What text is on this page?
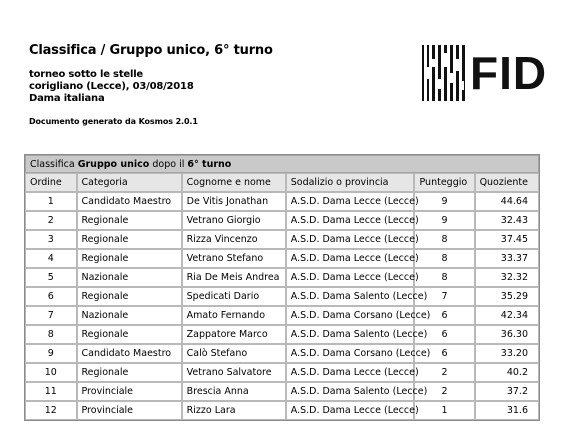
Classifica / Gruppo unico, 6° turno
torneo sotto le stelle
corigliano (Lecce), 03/08/2018
Dama italiana
Documento generato da Kosmos 2.0.1
FID
Classifica Gruppo unico dopo il 6° turno					
Ordine	Categoria	Cognome e nome	Sodalizio o provincia	Punteggio	Quoziente
1	Candidato Maestro	De Vitis Jonathan	A.S.D. Dama Lecce (Lecce)	9	44.64
2	Regionale	Vetrano Giorgio	A.S.D. Dama Lecce (Lecce)	9	32.43
3	Regionale	Rizza Vincenzo	A.S.D. Dama Lecce (Lecce)	8	37.45
4	Regionale	Vetrano Stefano	A.S.D. Dama Lecce (Lecce)	8	33.37
5	Nazionale	Ria De Meis Andrea	A.S.D. Dama Lecce (Lecce)	8	32.32
6	Regionale	Spedicati Dario	A.S.D. Dama Salento (Lecce)	7	35.29
7	Nazionale	Amato Fernando	A.S.D. Dama Corsano (Lecce)	6	42.34
8	Regionale	Zappatore Marco	A.S.D. Dama Salento (Lecce)	6	36.30
9	Candidato Maestro	Calò Stefano	A.S.D. Dama Corsano (Lecce)	6	33.20
10	Regionale	Vetrano Salvatore	A.S.D. Dama Lecce (Lecce)	2	40.2
11	Provinciale	Brescia Anna	A.S.D. Dama Salento (Lecce)	2	37.2
12	Provinciale	Rizzo Lara	A.S.D. Dama Lecce (Lecce)	1	31.6
